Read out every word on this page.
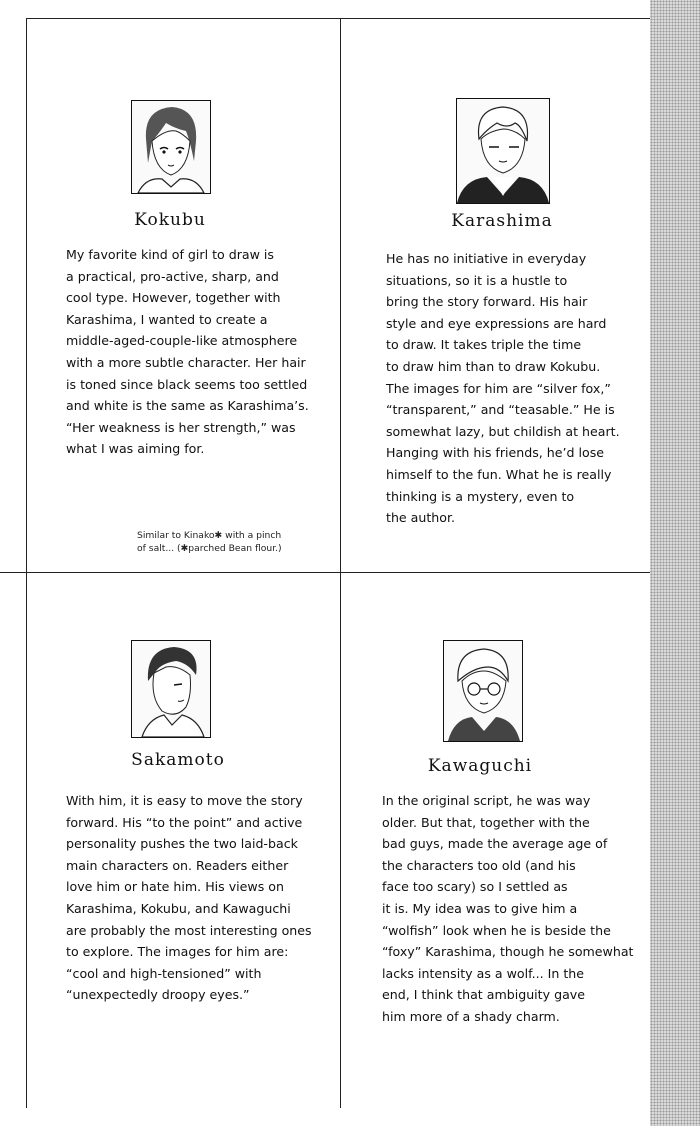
Kokubu
My favorite kind of girl to draw is
a practical, pro-active, sharp, and
cool type. However, together with
Karashima, I wanted to create a
middle-aged-couple-like atmosphere
with a more subtle character. Her hair
is toned since black seems too settled
and white is the same as Karashima’s.
“Her weakness is her strength,” was
what I was aiming for.
Similar to Kinako✱ with a pinch
of salt... (✱parched Bean flour.)
Karashima
He has no initiative in everyday
situations, so it is a hustle to
bring the story forward. His hair
style and eye expressions are hard
to draw. It takes triple the time
to draw him than to draw Kokubu.
The images for him are “silver fox,”
“transparent,” and “teasable.” He is
somewhat lazy, but childish at heart.
Hanging with his friends, he’d lose
himself to the fun. What he is really
thinking is a mystery, even to
the author.
Sakamoto
With him, it is easy to move the story
forward. His “to the point” and active
personality pushes the two laid-back
main characters on. Readers either
love him or hate him. His views on
Karashima, Kokubu, and Kawaguchi
are probably the most interesting ones
to explore. The images for him are:
“cool and high-tensioned” with
“unexpectedly droopy eyes.”
Kawaguchi
In the original script, he was way
older. But that, together with the
bad guys, made the average age of
the characters too old (and his
face too scary) so I settled as
it is. My idea was to give him a
“wolfish” look when he is beside the
“foxy” Karashima, though he somewhat
lacks intensity as a wolf... In the
end, I think that ambiguity gave
him more of a shady charm.
